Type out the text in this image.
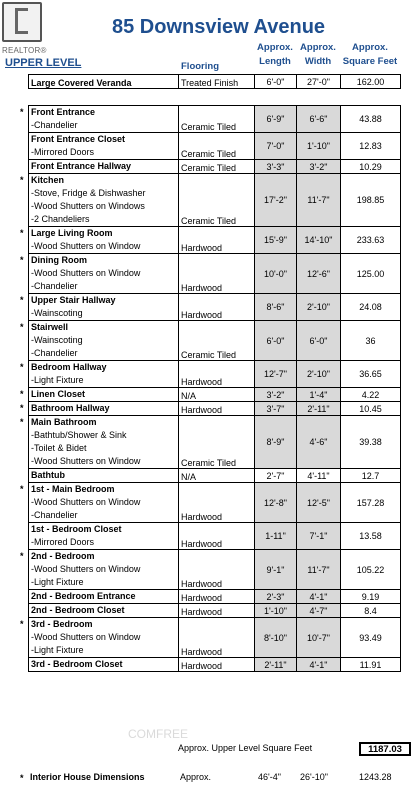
REALTOR®
85 Downsview Avenue
Approx.
Length
Approx.
Width
Approx.
Square Feet
UPPER LEVEL	Flooring
Large Covered Veranda	Treated Finish	6'-0"	27'-0"	162.00

Front Entrance
-Chandelier	Ceramic Tiled	6'-9"	6'-6"	43.88

Front Entrance Closet
-Mirrored Doors	Ceramic Tiled	7'-0"	1'-10"	12.83

Front Entrance Hallway	Ceramic Tiled	3'-3"	3'-2"	10.29

Kitchen
-Stove, Fridge & Dishwasher
-Wood Shutters on Windows
-2 Chandeliers	Ceramic Tiled	17'-2"	11'-7"	198.85

Large Living Room
-Wood Shutters on Window	Hardwood	15'-9"	14'-10"	233.63

Dining Room
-Wood Shutters on Window
-Chandelier	Hardwood	10'-0"	12'-6"	125.00

Upper Stair Hallway
-Wainscoting	Hardwood	8'-6"	2'-10"	24.08

Stairwell
-Wainscoting
-Chandelier	Ceramic Tiled	6'-0"	6'-0"	36

Bedroom Hallway
-Light Fixture	Hardwood	12'-7"	2'-10"	36.65

Linen Closet	N/A	3'-2"	1'-4"	4.22

Bathroom Hallway	Hardwood	3'-7"	2'-11"	10.45

Main Bathroom
-Bathtub/Shower & Sink
-Toilet & Bidet
-Wood Shutters on Window	Ceramic Tiled	8'-9"	4'-6"	39.38

Bathtub	N/A	2'-7"	4'-11"	12.7

1st - Main Bedroom
-Wood Shutters on Window
-Chandelier	Hardwood	12'-8"	12'-5"	157.28

1st - Bedroom Closet
-Mirrored Doors	Hardwood	1-11"	7'-1"	13.58

2nd - Bedroom
-Wood Shutters on Window
-Light Fixture	Hardwood	9'-1"	11'-7"	105.22

2nd - Bedroom Entrance	Hardwood	2'-3"	4'-1"	9.19

2nd - Bedroom Closet	Hardwood	1'-10"	4'-7"	8.4

3rd - Bedroom
-Wood Shutters on Window
-Light Fixture	Hardwood	8'-10"	10'-7"	93.49

3rd - Bedroom Closet	Hardwood	2'-11"	4'-1"	11.91
*
*
*
*
*
*
*
*
*
*
*
*
*
COMFREE
Approx. Upper Level Square Feet	1187.03
* Interior House Dimensions	Approx.	46'-4" 26'-10"	1243.28
